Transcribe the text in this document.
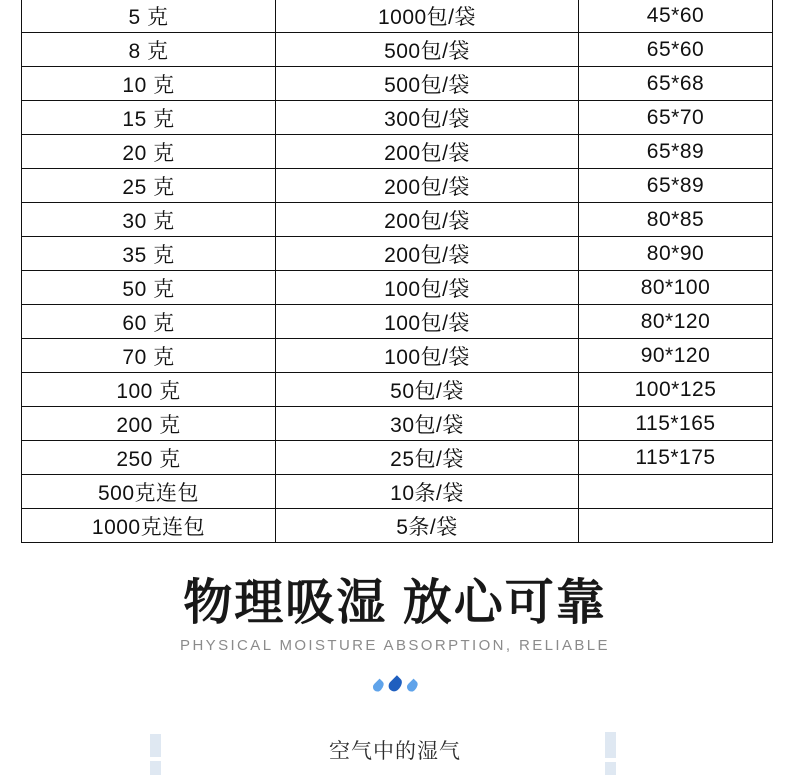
5 克	1000包/袋	45*60
8 克	500包/袋	65*60
10 克	500包/袋	65*68
15 克	300包/袋	65*70
20 克	200包/袋	65*89
25 克	200包/袋	65*89
30 克	200包/袋	80*85
35 克	200包/袋	80*90
50 克	100包/袋	80*100
60 克	100包/袋	80*120
70 克	100包/袋	90*120
100 克	50包/袋	100*125
200 克	30包/袋	115*165
250 克	25包/袋	115*175
500克连包	10条/袋	
1000克连包	5条/袋	
物理吸湿 放心可靠
PHYSICAL MOISTURE ABSORPTION, RELIABLE
空气中的湿气
